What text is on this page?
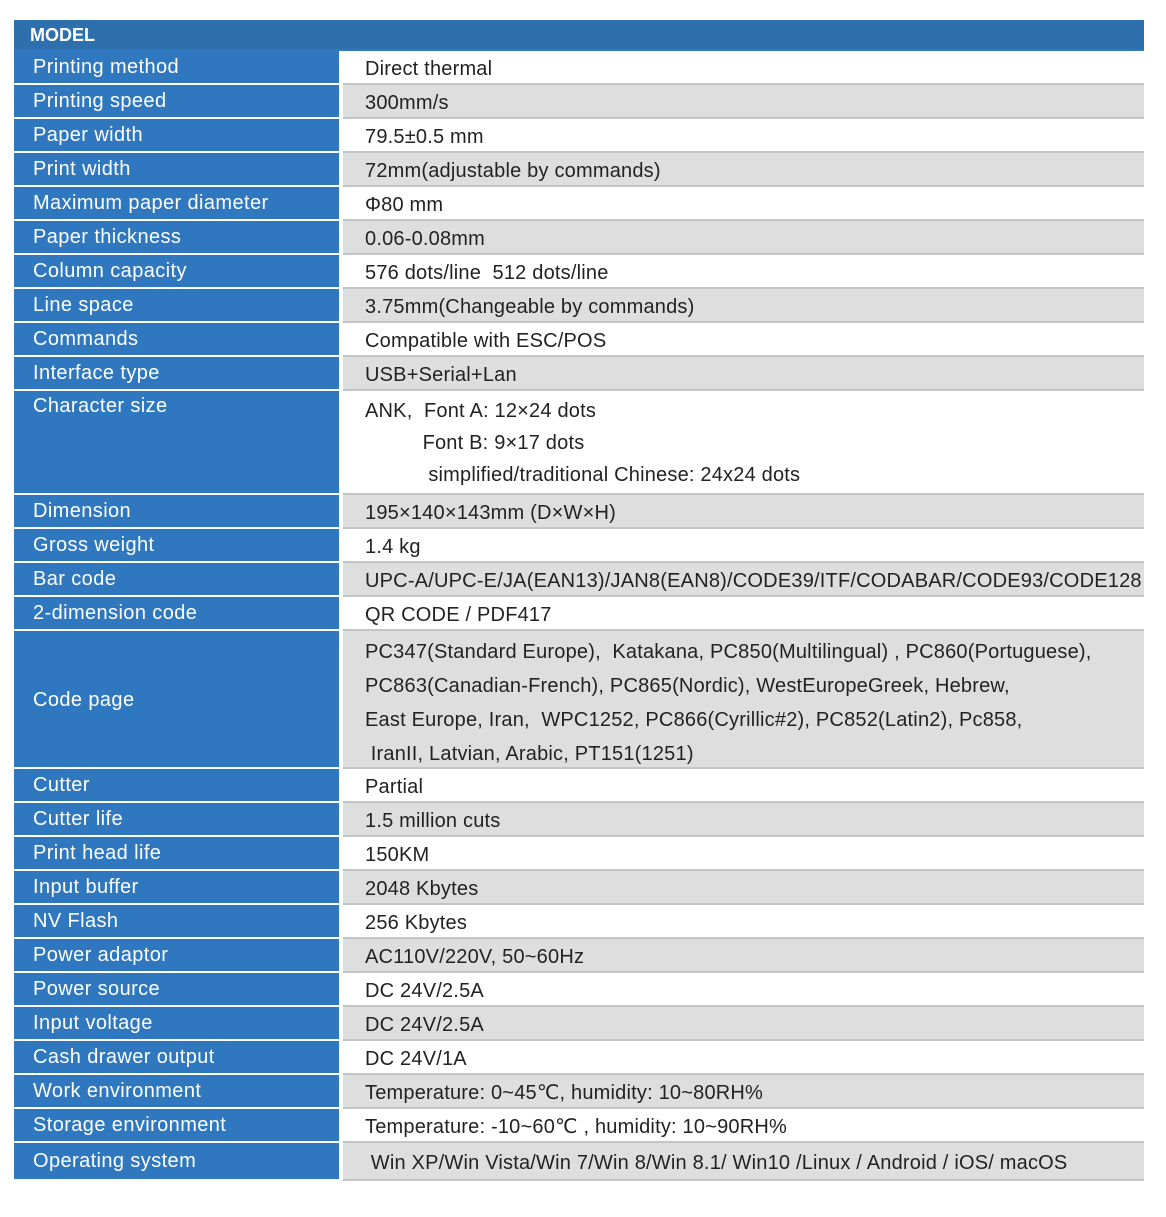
MODEL
Printing method	Direct thermal
Printing speed	300mm/s
Paper width	79.5±0.5 mm
Print width	72mm(adjustable by commands)
Maximum paper diameter	Φ80 mm
Paper thickness	0.06-0.08mm
Column capacity	576 dots/line  512 dots/line
Line space	3.75mm(Changeable by commands)
Commands	Compatible with ESC/POS
Interface type	USB+Serial+Lan
Character size	ANK,  Font A: 12×24 dots
Font B: 9×17 dots
simplified/traditional Chinese: 24x24 dots
Dimension	195×140×143mm (D×W×H)
Gross weight	1.4 kg
Bar code	UPC-A/UPC-E/JA(EAN13)/JAN8(EAN8)/CODE39/ITF/CODABAR/CODE93/CODE128
2-dimension code	QR CODE / PDF417
Code page
PC347(Standard Europe),  Katakana, PC850(Multilingual) , PC860(Portuguese),
PC863(Canadian-French), PC865(Nordic), WestEuropeGreek, Hebrew,
East Europe, Iran,  WPC1252, PC866(Cyrillic#2), PC852(Latin2), Pc858,
IranII, Latvian, Arabic, PT151(1251)
Cutter	Partial
Cutter life	1.5 million cuts
Print head life	150KM
Input buffer	2048 Kbytes
NV Flash	256 Kbytes
Power adaptor	AC110V/220V, 50~60Hz
Power source	DC 24V/2.5A
Input voltage	DC 24V/2.5A
Cash drawer output	DC 24V/1A
Work environment	Temperature: 0~45℃, humidity: 10~80RH%
Storage environment	Temperature: -10~60℃ , humidity: 10~90RH%
Operating system	Win XP/Win Vista/Win 7/Win 8/Win 8.1/ Win10 /Linux / Android / iOS/ macOS
